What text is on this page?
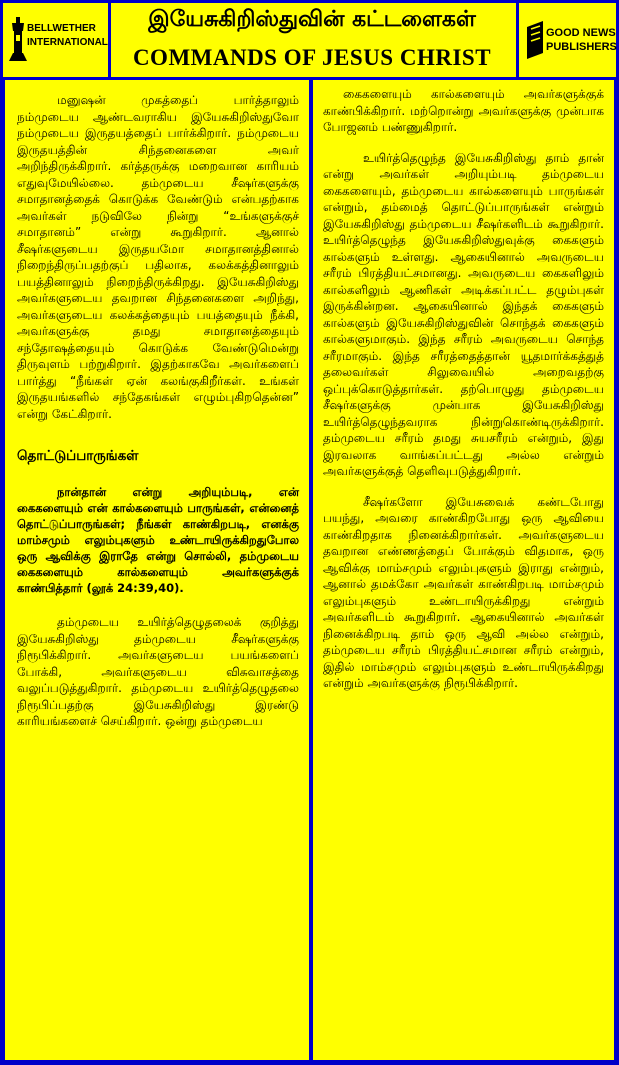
BELLWETHER
INTERNATIONAL
இயேசுகிறிஸ்துவின் கட்டளைகள்
COMMANDS OF JESUS CHRIST
GOOD NEWS
PUBLISHERS

மனுஷன் முகத்தைப் பார்த்தாலும் நம்முடைய ஆண்டவராகிய இயேசுகிறிஸ்துவோ நம்முடைய இருதயத்தைப் பார்க்கிறார். நம்முடைய இருதயத்தின் சிந்தனைகளை அவர் அறிந்திருக்கிறார். கர்த்தருக்கு மறைவான காரியம் எதுவுமேயில்லை. தம்முடைய சீஷர்களுக்கு சமாதானத்தைக் கொடுக்க வேண்டும் என்பதற்காக அவர்கள் நடுவிலே நின்று “உங்களுக்குச் சமாதானம்” என்று கூறுகிறார். ஆனால் சீஷர்களுடைய இருதயமோ சமாதானத்தினால் நிறைந்திருப்பதற்குப் பதிலாக, கலக்கத்தினாலும் பயத்தினாலும் நிறைந்திருக்கிறது. இயேசுகிறிஸ்து அவர்களுடைய தவறான சிந்தனைகளை அறிந்து, அவர்களுடைய கலக்கத்தையும் பயத்தையும் நீக்கி, அவர்களுக்கு தமது சமாதானத்தையும் சந்தோஷத்தையும் கொடுக்க வேண்டுமென்று திருவுளம் பற்றுகிறார். இதற்காகவே அவர்களைப் பார்த்து “நீங்கள் ஏன் கலங்குகிறீர்கள். உங்கள் இருதயங்களில் சந்தேகங்கள் எழும்புகிறதென்ன” என்று கேட்கிறார்.

தொட்டுப்பாருங்கள்

நான்தான் என்று அறியும்படி, என் கைகளையும் என் கால்களையும் பாருங்கள், என்னைத் தொட்டுப்பாருங்கள்; நீங்கள் காண்கிறபடி, எனக்கு மாம்சமும் எலும்புகளும் உண்டாயிருக்கிறதுபோல ஒரு ஆவிக்கு இராதே என்று சொல்லி, தம்முடைய கைகளையும் கால்களையும் அவர்களுக்குக் காண்பித்தார் (லூக் 24:39,40).

தம்முடைய உயிர்த்தெழுதலைக் குறித்து இயேசுகிறிஸ்து தம்முடைய சீஷர்களுக்கு நிரூபிக்கிறார். அவர்களுடைய பயங்களைப் போக்கி, அவர்களுடைய விசுவாசத்தை வலுப்படுத்துகிறார். தம்முடைய உயிர்த்தெழுதலை நிரூபிப்பதற்கு இயேசுகிறிஸ்து இரண்டு காரியங்களைச் செய்கிறார். ஒன்று தம்முடைய

கைகளையும் கால்களையும் அவர்களுக்குக் காண்பிக்கிறார். மற்றொன்று அவர்களுக்கு முன்பாக போஜனம் பண்ணுகிறார்.

உயிர்த்தெழுந்த இயேசுகிறிஸ்து தாம் தான் என்று அவர்கள் அறியும்படி தம்முடைய கைகளையும், தம்முடைய கால்களையும் பாருங்கள் என்றும், தம்மைத் தொட்டுப்பாருங்கள் என்றும் இயேசுகிறிஸ்து தம்முடைய சீஷர்களிடம் கூறுகிறார். உயிர்த்தெழுந்த இயேசுகிறிஸ்துவுக்கு கைகளும் கால்களும் உள்ளது. ஆகையினால் அவருடைய சரீரம் பிரத்தியட்சமானது. அவருடைய கைகளிலும் கால்களிலும் ஆணிகள் அடிக்கப்பட்ட தழும்புகள் இருக்கின்றன. ஆகையினால் இந்தக் கைகளும் கால்களும் இயேசுகிறிஸ்துவின் சொந்தக் கைகளும் கால்களுமாகும். இந்த சரீரம் அவருடைய சொந்த சரீரமாகும். இந்த சரீரத்தைத்தான் யூதமார்க்கத்துத் தலைவர்கள் சிலுவையில் அறைவதற்கு ஒப்புக்கொடுத்தார்கள். தற்பொழுது தம்முடைய சீஷர்களுக்கு முன்பாக இயேசுகிறிஸ்து உயிர்த்தெழுந்தவராக நின்றுகொண்டிருக்கிறார். தம்முடைய சரீரம் தமது சுயசரீரம் என்றும், இது இரவலாக வாங்கப்பட்டது அல்ல என்றும் அவர்களுக்குத் தெளிவுபடுத்துகிறார்.

சீஷர்களோ இயேசுவைக் கண்டபோது பயந்து, அவரை காண்கிறபோது ஒரு ஆவியை காண்கிறதாக நினைக்கிறார்கள். அவர்களுடைய தவறான எண்ணத்தைப் போக்கும் விதமாக, ஒரு ஆவிக்கு மாம்சமும் எலும்புகளும் இராது என்றும், ஆனால் தமக்கோ அவர்கள் காண்கிறபடி மாம்சமும் எலும்புகளும் உண்டாயிருக்கிறது என்றும் அவர்களிடம் கூறுகிறார். ஆகையினால் அவர்கள் நினைக்கிறபடி தாம் ஒரு ஆவி அல்ல என்றும், தம்முடைய சரீரம் பிரத்தியட்சமான சரீரம் என்றும், இதில் மாம்சமும் எலும்புகளும் உண்டாயிருக்கிறது என்றும் அவர்களுக்கு நிரூபிக்கிறார்.
